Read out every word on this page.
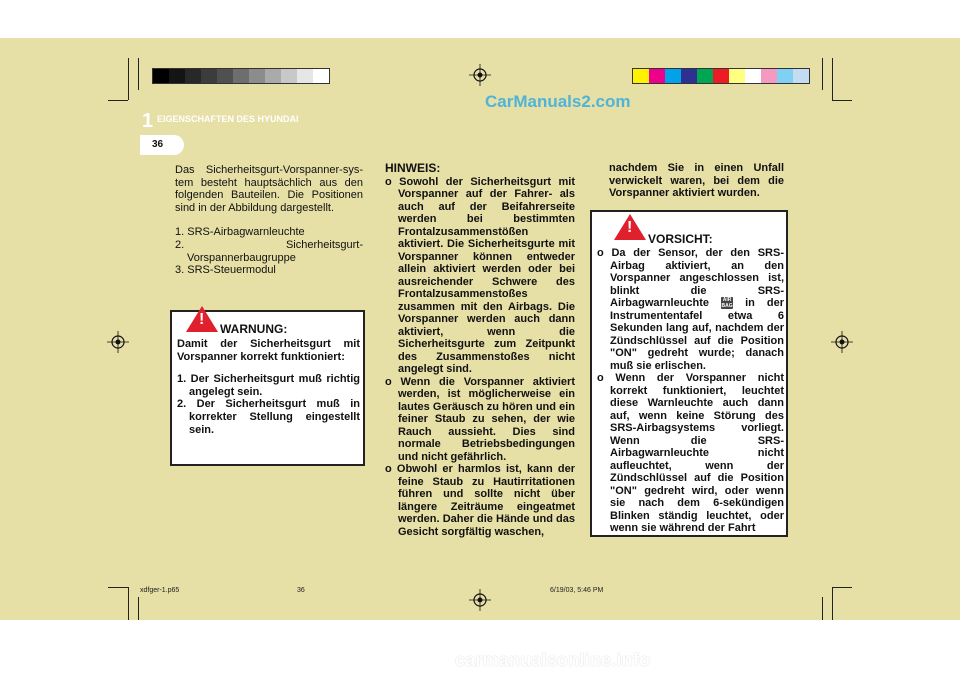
CarManuals2.com
1 EIGENSCHAFTEN DES HYUNDAI
36

Das Sicherheitsgurt-Vorspanner-sys-tem besteht hauptsächlich aus den folgenden Bauteilen. Die Positionen sind in der Abbildung dargestellt.

1. SRS-Airbagwarnleuchte
2. Sicherheitsgurt-Vorspannerbaugruppe
3. SRS-Steuermodul
!
WARNUNG:
Damit der Sicherheitsgurt mit Vorspanner korrekt funktioniert:
1. Der Sicherheitsgurt muß richtig angelegt sein.
2. Der Sicherheitsgurt muß in korrekter Stellung eingestellt sein.
HINWEIS:
o Sowohl der Sicherheitsgurt mit Vorspanner auf der Fahrer- als auch auf der Beifahrerseite werden bei bestimmten Frontalzusammenstößen aktiviert. Die Sicherheitsgurte mit Vorspanner können entweder allein aktiviert werden oder bei ausreichender Schwere des Frontalzusammenstoßes zusammen mit den Airbags. Die Vorspanner werden auch dann aktiviert, wenn die Sicherheitsgurte zum Zeitpunkt des Zusammenstoßes nicht angelegt sind.
o Wenn die Vorspanner aktiviert werden, ist möglicherweise ein lautes Geräusch zu hören und ein feiner Staub zu sehen, der wie Rauch aussieht. Dies sind normale Betriebsbedingungen und nicht gefährlich.
o Obwohl er harmlos ist, kann der feine Staub zu Hautirritationen führen und sollte nicht über längere Zeiträume eingeatmet werden. Daher die Hände und das Gesicht sorgfältig waschen,
nachdem Sie in einen Unfall verwickelt waren, bei dem die Vorspanner aktiviert wurden.
!
VORSICHT:
o Da der Sensor, der den SRS-Airbag aktiviert, an den Vorspanner angeschlossen ist, blinkt die SRS-Airbagwarnleuchte	AIR
BAG in der Instrumententafel etwa 6 Sekunden lang auf, nachdem der Zündschlüssel auf die Position "ON" gedreht wurde; danach muß sie erlischen.
o Wenn der Vorspanner nicht korrekt funktioniert, leuchtet diese Warnleuchte auch dann auf, wenn keine Störung des SRS-Airbagsystems vorliegt. Wenn die SRS-Airbagwarnleuchte nicht aufleuchtet, wenn der Zündschlüssel auf die Position "ON" gedreht wird, oder wenn sie nach dem 6-sekündigen Blinken ständig leuchtet, oder wenn sie während der Fahrt
xdfger-1.p65	36	6/19/03, 5:46 PM
carmanualsonline.info
